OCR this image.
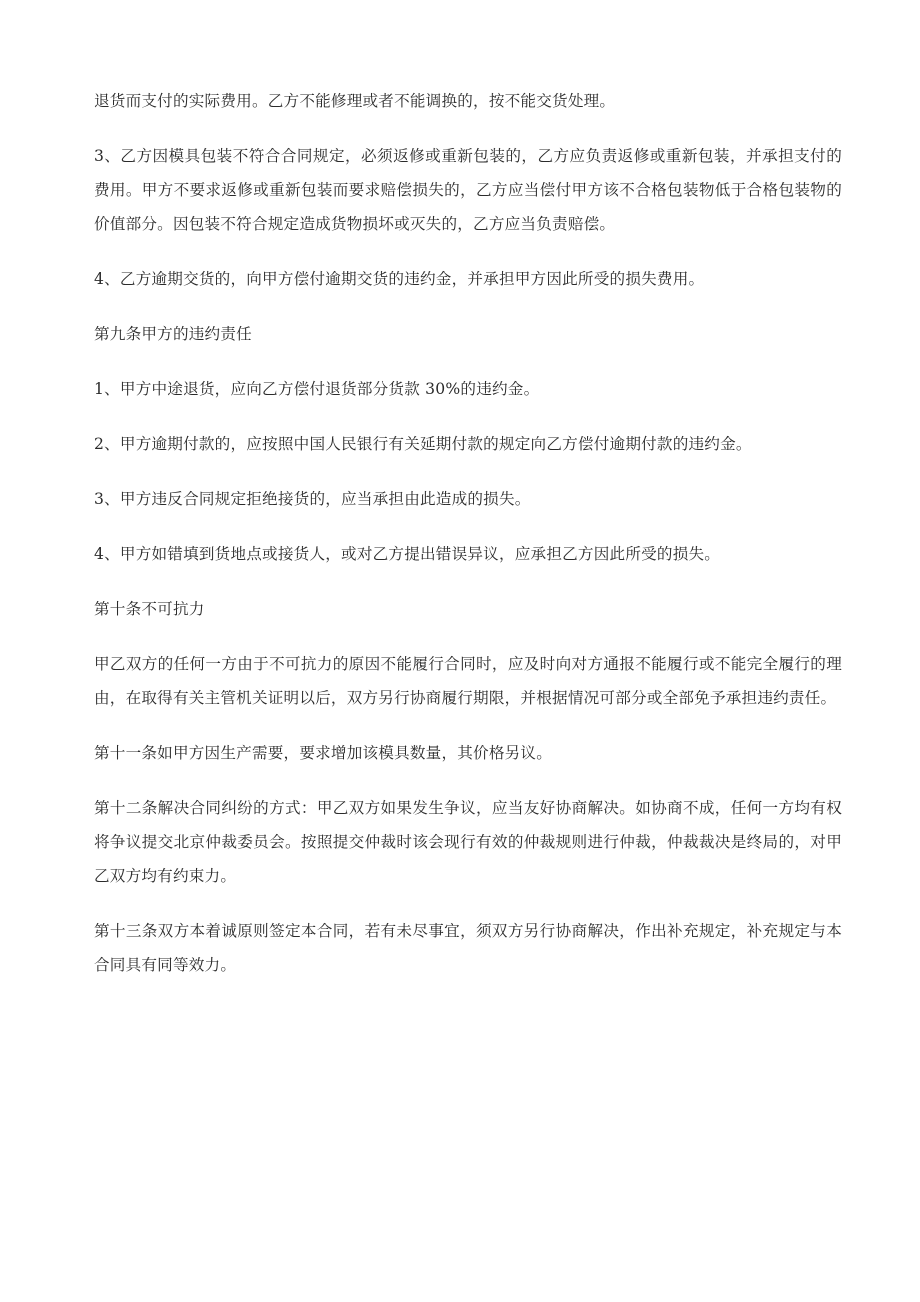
退货而支付的实际费用。乙方不能修理或者不能调换的，按不能交货处理。

3、乙方因模具包装不符合合同规定，必须返修或重新包装的，乙方应负责返修或重新包装，并承担支付的费用。甲方不要求返修或重新包装而要求赔偿损失的，乙方应当偿付甲方该不合格包装物低于合格包装物的价值部分。因包装不符合规定造成货物损坏或灭失的，乙方应当负责赔偿。

4、乙方逾期交货的，向甲方偿付逾期交货的违约金，并承担甲方因此所受的损失费用。

第九条甲方的违约责任

1、甲方中途退货，应向乙方偿付退货部分货款 30%的违约金。

2、甲方逾期付款的，应按照中国人民银行有关延期付款的规定向乙方偿付逾期付款的违约金。

3、甲方违反合同规定拒绝接货的，应当承担由此造成的损失。

4、甲方如错填到货地点或接货人，或对乙方提出错误异议，应承担乙方因此所受的损失。

第十条不可抗力

甲乙双方的任何一方由于不可抗力的原因不能履行合同时，应及时向对方通报不能履行或不能完全履行的理由，在取得有关主管机关证明以后，双方另行协商履行期限，并根据情况可部分或全部免予承担违约责任。

第十一条如甲方因生产需要，要求增加该模具数量，其价格另议。

第十二条解决合同纠纷的方式：甲乙双方如果发生争议，应当友好协商解决。如协商不成，任何一方均有权将争议提交北京仲裁委员会。按照提交仲裁时该会现行有效的仲裁规则进行仲裁，仲裁裁决是终局的，对甲乙双方均有约束力。

第十三条双方本着诚原则签定本合同，若有未尽事宜，须双方另行协商解决，作出补充规定，补充规定与本合同具有同等效力。
